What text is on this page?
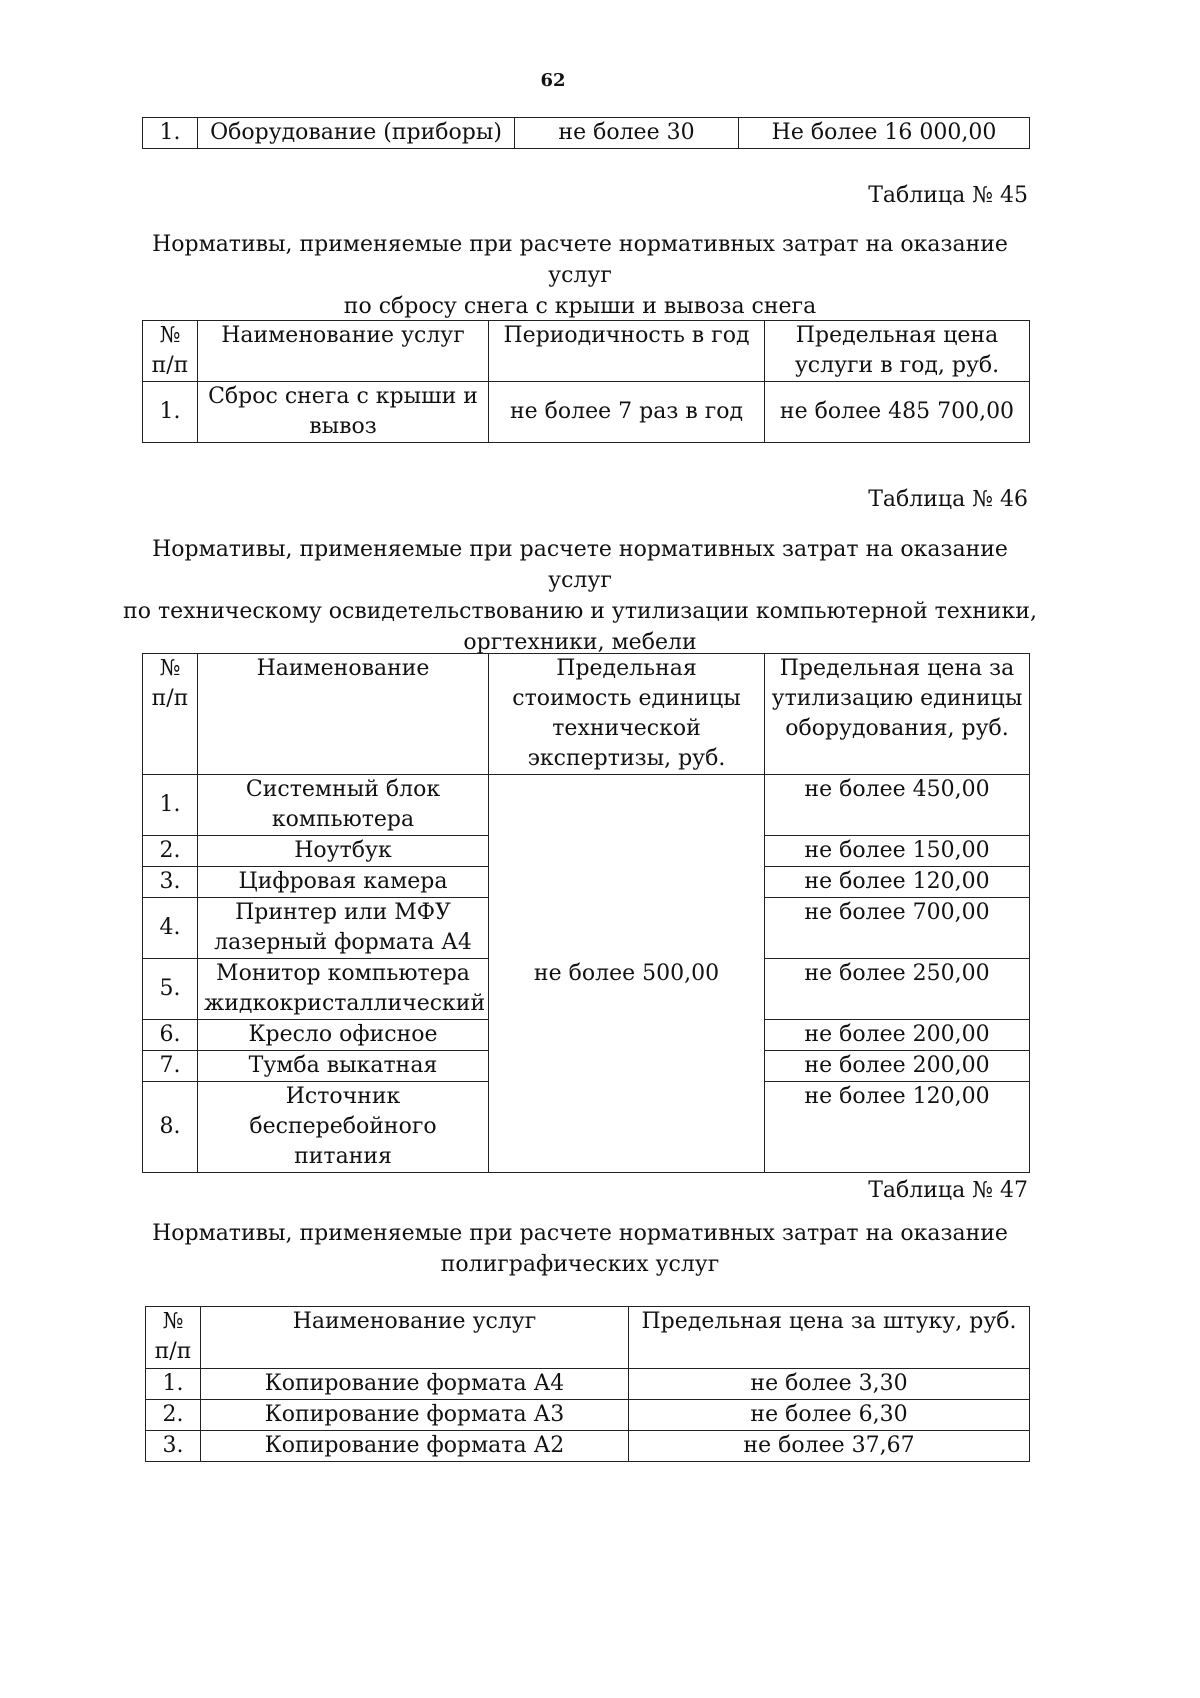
62
1.	Оборудование (приборы)	не более 30	Не более 16 000,00
Таблица № 45
Нормативы, применяемые при расчете нормативных затрат на оказание услуг
по сбросу снега с крыши и вывоза снега
№ п/п	Наименование услуг	Периодичность в год	Предельная цена услуги в год, руб.
1.	Сброс снега с крыши и вывоз	не более 7 раз в год	не более 485 700,00
Таблица № 46
Нормативы, применяемые при расчете нормативных затрат на оказание услуг
по техническому освидетельствованию и утилизации компьютерной техники,
оргтехники, мебели
№ п/п	Наименование	Предельная стоимость единицы технической экспертизы, руб.	Предельная цена за утилизацию единицы оборудования, руб.
1.	Системный блок компьютера	не более 500,00	не более 450,00
2.	Ноутбук		не более 150,00
3.	Цифровая камера		не более 120,00
4.	Принтер или МФУ лазерный формата А4		не более 700,00
5.	Монитор компьютера жидкокристаллический		не более 250,00
6.	Кресло офисное		не более 200,00
7.	Тумба выкатная		не более 200,00
8.	Источник бесперебойного питания		не более 120,00
Таблица № 47
Нормативы, применяемые при расчете нормативных затрат на оказание
полиграфических услуг
№ п/п	Наименование услуг	Предельная цена за штуку, руб.
1.	Копирование формата А4	не более 3,30
2.	Копирование формата А3	не более 6,30
3.	Копирование формата А2	не более 37,67
